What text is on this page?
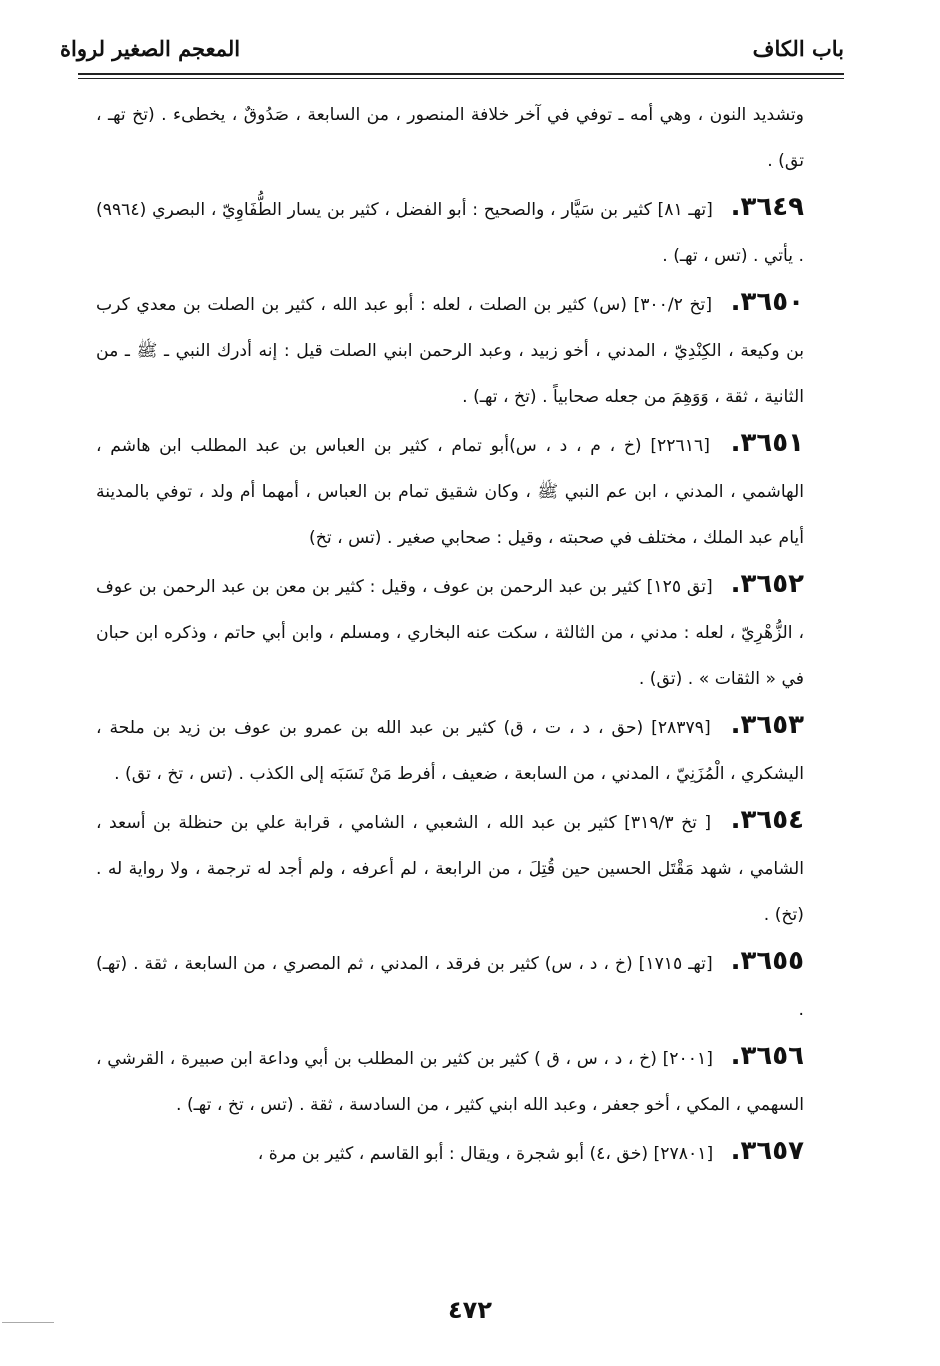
باب الكاف
المعجم الصغير لرواة
وتشديد النون ، وهي أمه ـ توفي في آخر خلافة المنصور ، من السابعة ، صَدُوقٌ ، يخطىء . (تخ تهـ ، تق) .
٣٦٤٩. [تهـ ٨١] كثير بن سَيَّار ، والصحيح : أبو الفضل ، كثير بن يسار الطُّفَاوِيّ ، البصري (٩٩٦٤) . يأتي . (تس ، تهـ) .
٣٦٥٠. [تخ ٣٠٠/٢] (س) كثير بن الصلت ، لعله : أبو عبد الله ، كثير بن الصلت بن معدي كرب بن وكيعة ، الكِنْدِيّ ، المدني ، أخو زبيد ، وعبد الرحمن ابني الصلت قيل : إنه أدرك النبي ـ ﷺ ـ من الثانية ، ثقة ، وَوَهِمَ من جعله صحابياً . (تخ ، تهـ) .
٣٦٥١. [٢٢٦١٦] (خ ، م ، د ، س)أبو تمام ، كثير بن العباس بن عبد المطلب ابن هاشم ، الهاشمي ، المدني ، ابن عم النبي ﷺ ، وكان شقيق تمام بن العباس ، أمهما أم ولد ، توفي بالمدينة أيام عبد الملك ، مختلف في صحبته ، وقيل : صحابي صغير . (تس ، تخ)
٣٦٥٢. [تق ١٢٥] كثير بن عبد الرحمن بن عوف ، وقيل : كثير بن معن بن عبد الرحمن بن عوف ، الزُّهْرِيّ ، لعله : مدني ، من الثالثة ، سكت عنه البخاري ، ومسلم ، وابن أبي حاتم ، وذكره ابن حبان في « الثقات » . (تق) .
٣٦٥٣. [٢٨٣٧٩] (حق ، د ، ت ، ق) كثير بن عبد الله بن عمرو بن عوف بن زيد بن ملحة ، اليشكري ، الْمُزَنِيّ ، المدني ، من السابعة ، ضعيف ، أفرط مَنْ نَسَبَه إلى الكذب . (تس ، تخ ، تق) .
٣٦٥٤. [ تخ ٣١٩/٣] كثير بن عبد الله ، الشعبي ، الشامي ، قرابة علي بن حنظلة بن أسعد ، الشامي ، شهد مَقْتَل الحسين حين قُتِلَ ، من الرابعة ، لم أعرفه ، ولم أجد له ترجمة ، ولا رواية له . (تخ) .
٣٦٥٥. [تهـ ١٧١٥] (خ ، د ، س) كثير بن فرقد ، المدني ، ثم المصري ، من السابعة ، ثقة . (تهـ) .
٣٦٥٦. [٢٠٠١] (خ ، د ، س ، ق ) كثير بن كثير بن المطلب بن أبي وداعة ابن صبيرة ، القرشي ، السهمي ، المكي ، أخو جعفر ، وعبد الله ابني كثير ، من السادسة ، ثقة . (تس ، تخ ، تهـ) .
٣٦٥٧. [٢٧٨٠١] (خق ،٤) أبو شجرة ، ويقال : أبو القاسم ، كثير بن مرة ،
٤٧٢
